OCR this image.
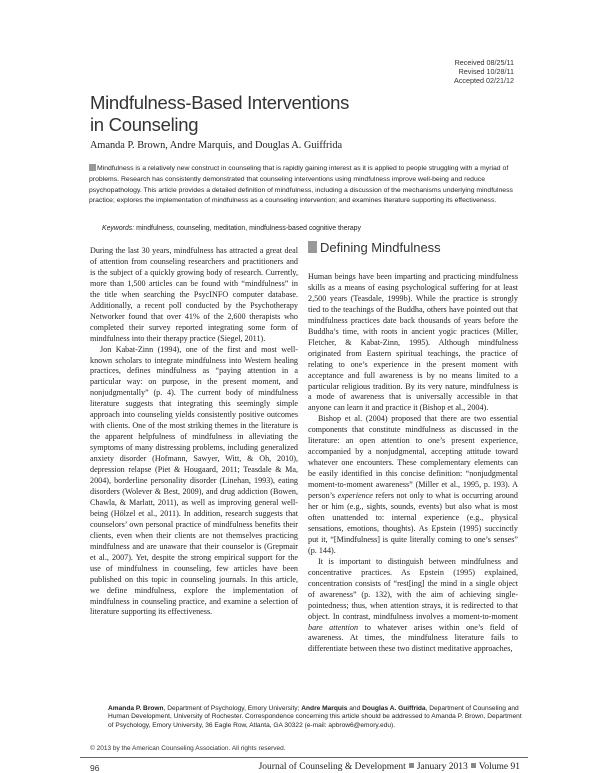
Received 08/25/11
Revised 10/28/11
Accepted 02/21/12
Mindfulness-Based Interventions
in Counseling
Amanda P. Brown, Andre Marquis, and Douglas A. Guiffrida
Mindfulness is a relatively new construct in counseling that is rapidly gaining interest as it is applied to people struggling with a myriad of problems. Research has consistently demonstrated that counseling interventions using mindfulness improve well-being and reduce psychopathology. This article provides a detailed definition of mindfulness, including a discussion of the mechanisms underlying mindfulness practice; explores the implementation of mindfulness as a counseling intervention; and examines literature supporting its effectiveness.
Keywords: mindfulness, counseling, meditation, mindfulness-based cognitive therapy

During the last 30 years, mindfulness has attracted a great deal of attention from counseling researchers and practitioners and is the subject of a quickly growing body of research. Currently, more than 1,500 articles can be found with “mindfulness” in the title when searching the PsycINFO computer database. Additionally, a recent poll conducted by the Psychotherapy Networker found that over 41% of the 2,600 therapists who completed their survey reported integrating some form of mindfulness into their therapy practice (Siegel, 2011).

Jon Kabat-Zinn (1994), one of the first and most well-known scholars to integrate mindfulness into Western healing practices, defines mindfulness as “paying attention in a particular way: on purpose, in the present moment, and nonjudgmentally” (p. 4). The current body of mindfulness literature suggests that integrating this seemingly simple approach into counseling yields consistently positive outcomes with clients. One of the most striking themes in the literature is the apparent helpfulness of mindfulness in alleviating the symptoms of many distressing problems, including generalized anxiety disorder (Hofmann, Sawyer, Witt, & Oh, 2010), depression relapse (Piet & Hougaard, 2011; Teasdale & Ma, 2004), borderline personality disorder (Linehan, 1993), eating disorders (Wolever & Best, 2009), and drug addiction (Bowen, Chawla, & Marlatt, 2011), as well as improving general well-being (Hölzel et al., 2011). In addition, research suggests that counselors’ own personal practice of mindfulness benefits their clients, even when their clients are not themselves practicing mindfulness and are unaware that their counselor is (Grepmair et al., 2007). Yet, despite the strong empirical support for the use of mindfulness in counseling, few articles have been published on this topic in counseling journals. In this article, we define mindfulness, explore the implementation of mindfulness in counseling practice, and examine a selection of literature supporting its effectiveness.

Defining Mindfulness

Human beings have been imparting and practicing mindfulness skills as a means of easing psychological suffering for at least 2,500 years (Teasdale, 1999b). While the practice is strongly tied to the teachings of the Buddha, others have pointed out that mindfulness practices date back thousands of years before the Buddha’s time, with roots in ancient yogic practices (Miller, Fletcher, & Kabat-Zinn, 1995). Although mindfulness originated from Eastern spiritual teachings, the practice of relating to one’s experience in the present moment with acceptance and full awareness is by no means limited to a particular religious tradition. By its very nature, mindfulness is a mode of awareness that is universally accessible in that anyone can learn it and practice it (Bishop et al., 2004).

Bishop et al. (2004) proposed that there are two essential components that constitute mindfulness as discussed in the literature: an open attention to one’s present experience, accompanied by a nonjudgmental, accepting attitude toward whatever one encounters. These complementary elements can be easily identified in this concise definition: “nonjudgmental moment-to-moment awareness” (Miller et al., 1995, p. 193). A person’s experience refers not only to what is occurring around her or him (e.g., sights, sounds, events) but also what is most often unattended to: internal experience (e.g., physical sensations, emotions, thoughts). As Epstein (1995) succinctly put it, “[Mindfulness] is quite literally coming to one’s senses” (p. 144).

It is important to distinguish between mindfulness and concentrative practices. As Epstein (1995) explained, concentration consists of “rest[ing] the mind in a single object of awareness” (p. 132), with the aim of achieving single-pointedness; thus, when attention strays, it is redirected to that object. In contrast, mindfulness involves a moment-to-moment bare attention to whatever arises within one’s field of awareness. At times, the mindfulness literature fails to differentiate between these two distinct meditative approaches,

Amanda P. Brown, Department of Psychology, Emory University; Andre Marquis and Douglas A. Guiffrida, Department of Counseling and Human Development, University of Rochester. Correspondence concerning this article should be addressed to Amanda P. Brown, Department of Psychology, Emory University, 36 Eagle Row, Atlanta, GA 30322 (e-mail: apbrow6@emory.edu).
© 2013 by the American Counseling Association. All rights reserved.
96	Journal of Counseling & Development January 2013 Volume 91
